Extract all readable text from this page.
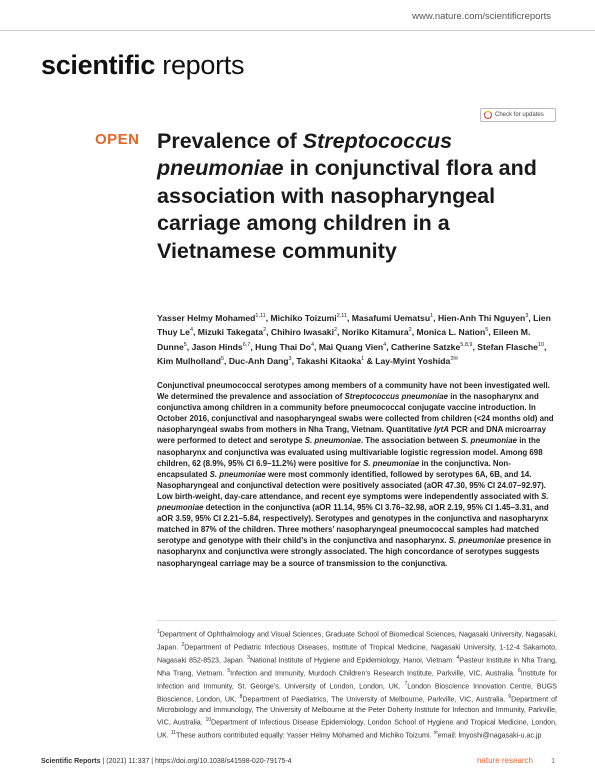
www.nature.com/scientificreports
scientific reports
Check for updates
OPEN Prevalence of Streptococcus pneumoniae in conjunctival flora and association with nasopharyngeal carriage among children in a Vietnamese community
Yasser Helmy Mohamed$^{1,11}$, Michiko Toizumi$^{2,11}$, Masafumi Uematsu$^1$, Hien-Anh Thi Nguyen$^3$, Lien Thuy Le$^4$, Mizuki Takegata$^2$, Chihiro Iwasaki$^2$, Noriko Kitamura$^2$, Monica L. Nation$^5$, Eileen M. Dunne$^5$, Jason Hinds$^{6,7}$, Hung Thai Do$^4$, Mai Quang Vien$^4$, Catherine Satzke$^{5,8,9}$, Stefan Flasche$^{10}$, Kim Mulholland$^5$, Duc-Anh Dang$^3$, Takashi Kitaoka$^1$ & Lay-Myint Yoshida$^{2✉}$
Conjunctival pneumococcal serotypes among members of a community have not been investigated well. We determined the prevalence and association of Streptococcus pneumoniae in the nasopharynx and conjunctiva among children in a community before pneumococcal conjugate vaccine introduction. In October 2016, conjunctival and nasopharyngeal swabs were collected from children (<24 months old) and nasopharyngeal swabs from mothers in Nha Trang, Vietnam. Quantitative lytA PCR and DNA microarray were performed to detect and serotype S. pneumoniae. The association between S. pneumoniae in the nasopharynx and conjunctiva was evaluated using multivariable logistic regression model. Among 698 children, 62 (8.9%, 95% CI 6.9–11.2%) were positive for S. pneumoniae in the conjunctiva. Non-encapsulated S. pneumoniae were most commonly identified, followed by serotypes 6A, 6B, and 14. Nasopharyngeal and conjunctival detection were positively associated (aOR 47.30, 95% CI 24.07–92.97). Low birth-weight, day-care attendance, and recent eye symptoms were independently associated with S. pneumoniae detection in the conjunctiva (aOR 11.14, 95% CI 3.76–32.98, aOR 2.19, 95% CI 1.45–3.31, and aOR 3.59, 95% CI 2.21–5.84, respectively). Serotypes and genotypes in the conjunctiva and nasopharynx matched in 87% of the children. Three mothers’ nasopharyngeal pneumococcal samples had matched serotype and genotype with their child’s in the conjunctiva and nasopharynx. S. pneumoniae presence in nasopharynx and conjunctiva were strongly associated. The high concordance of serotypes suggests nasopharyngeal carriage may be a source of transmission to the conjunctiva.
$^1$Department of Ophthalmology and Visual Sciences, Graduate School of Biomedical Sciences, Nagasaki University, Nagasaki, Japan. $^2$Department of Pediatric Infectious Diseases, Institute of Tropical Medicine, Nagasaki University, 1-12-4 Sakamoto, Nagasaki 852-8523, Japan. $^3$National Institute of Hygiene and Epidemiology, Hanoi, Vietnam. $^4$Pasteur Institute in Nha Trang, Nha Trang, Vietnam. $^5$Infection and Immunity, Murdoch Children’s Research Institute, Parkville, VIC, Australia. $^6$Institute for Infection and Immunity, St. George’s, University of London, London, UK. $^7$London Bioscience Innovation Centre, BUGS Bioscience, London, UK. $^8$Department of Paediatrics, The University of Melbourne, Parkville, VIC, Australia. $^9$Department of Microbiology and Immunology, The University of Melbourne at the Peter Doherty Institute for Infection and Immunity, Parkville, VIC, Australia. $^{10}$Department of Infectious Disease Epidemiology, London School of Hygiene and Tropical Medicine, London, UK. $^{11}$These authors contributed equally: Yasser Helmy Mohamed and Michiko Toizumi. ✉email: lmyoshi@nagasaki-u.ac.jp
Scientific Reports | (2021) 11:337 | https://doi.org/10.1038/s41598-020-79175-4	nature research	1
